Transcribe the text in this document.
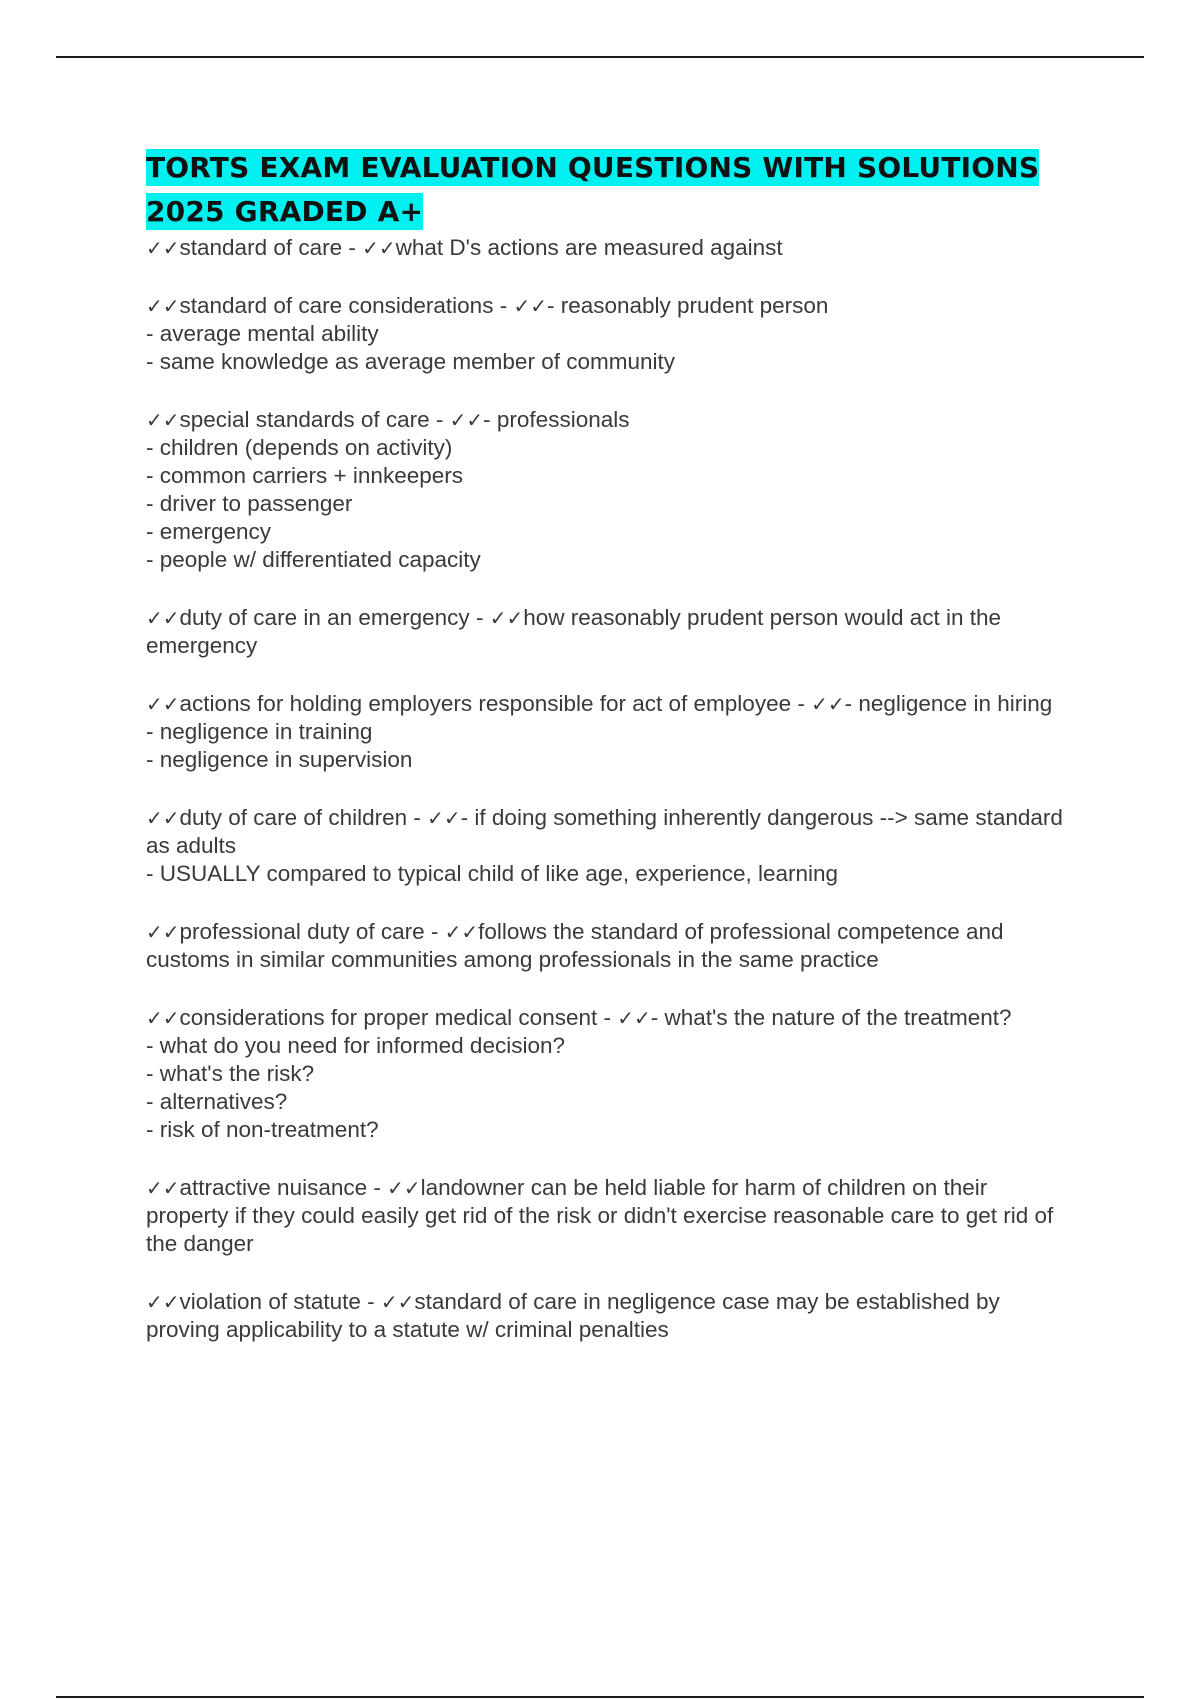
TORTS EXAM EVALUATION QUESTIONS WITH SOLUTIONS 2025 GRADED A+
✓✓standard of care - ✓✓what D's actions are measured against
✓✓standard of care considerations - ✓✓- reasonably prudent person
- average mental ability
- same knowledge as average member of community
✓✓special standards of care - ✓✓- professionals
- children (depends on activity)
- common carriers + innkeepers
- driver to passenger
- emergency
- people w/ differentiated capacity
✓✓duty of care in an emergency - ✓✓how reasonably prudent person would act in the emergency
✓✓actions for holding employers responsible for act of employee - ✓✓- negligence in hiring
- negligence in training
- negligence in supervision
✓✓duty of care of children - ✓✓- if doing something inherently dangerous --> same standard as adults
- USUALLY compared to typical child of like age, experience, learning
✓✓professional duty of care - ✓✓follows the standard of professional competence and customs in similar communities among professionals in the same practice
✓✓considerations for proper medical consent - ✓✓- what's the nature of the treatment?
- what do you need for informed decision?
- what's the risk?
- alternatives?
- risk of non-treatment?
✓✓attractive nuisance - ✓✓landowner can be held liable for harm of children on their property if they could easily get rid of the risk or didn't exercise reasonable care to get rid of the danger
✓✓violation of statute - ✓✓standard of care in negligence case may be established by proving applicability to a statute w/ criminal penalties
